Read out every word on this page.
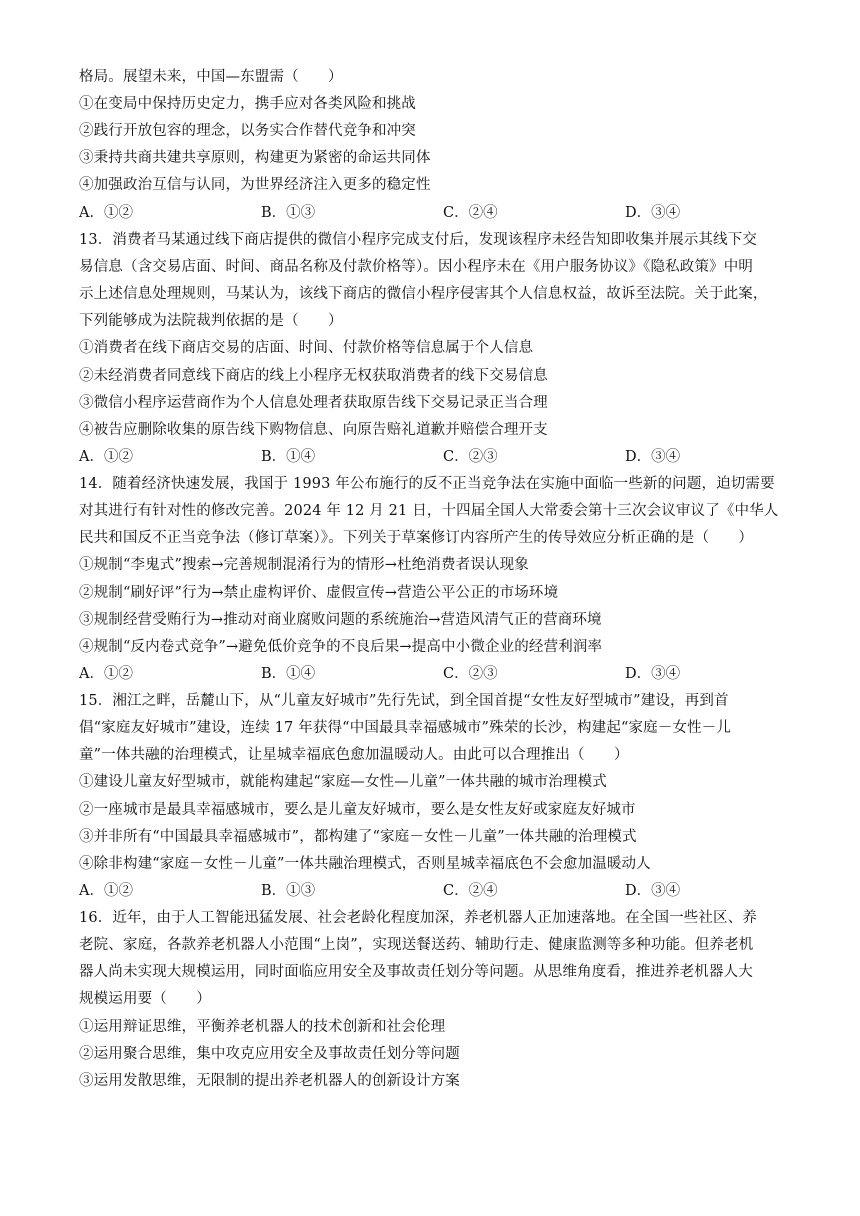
格局。展望未来，中国—东盟需（　　）
①在变局中保持历史定力，携手应对各类风险和挑战
②践行开放包容的理念，以务实合作替代竞争和冲突
③秉持共商共建共享原则，构建更为紧密的命运共同体
④加强政治互信与认同，为世界经济注入更多的稳定性
A．①②	B．①③	C．②④	D．③④
13．消费者马某通过线下商店提供的微信小程序完成支付后，发现该程序未经告知即收集并展示其线下交
易信息（含交易店面、时间、商品名称及付款价格等）。因小程序未在《用户服务协议》《隐私政策》中明
示上述信息处理规则，马某认为，该线下商店的微信小程序侵害其个人信息权益，故诉至法院。关于此案，
下列能够成为法院裁判依据的是（　　）
①消费者在线下商店交易的店面、时间、付款价格等信息属于个人信息
②未经消费者同意线下商店的线上小程序无权获取消费者的线下交易信息
③微信小程序运营商作为个人信息处理者获取原告线下交易记录正当合理
④被告应删除收集的原告线下购物信息、向原告赔礼道歉并赔偿合理开支
A．①②	B．①④	C．②③	D．③④
14．随着经济快速发展，我国于 1993 年公布施行的反不正当竞争法在实施中面临一些新的问题，迫切需要
对其进行有针对性的修改完善。2024 年 12 月 21 日，十四届全国人大常委会第十三次会议审议了《中华人
民共和国反不正当竞争法（修订草案）》。下列关于草案修订内容所产生的传导效应分析正确的是（　　）
①规制“李鬼式”搜索→完善规制混淆行为的情形→杜绝消费者误认现象
②规制“刷好评”行为→禁止虚构评价、虚假宣传→营造公平公正的市场环境
③规制经营受贿行为→推动对商业腐败问题的系统施治→营造风清气正的营商环境
④规制“反内卷式竞争”→避免低价竞争的不良后果→提高中小微企业的经营利润率
A．①②	B．①④	C．②③	D．③④
15．湘江之畔，岳麓山下，从“儿童友好城市”先行先试，到全国首提“女性友好型城市”建设，再到首
倡“家庭友好城市”建设，连续 17 年获得“中国最具幸福感城市”殊荣的长沙，构建起“家庭－女性－儿
童”一体共融的治理模式，让星城幸福底色愈加温暖动人。由此可以合理推出（　　）
①建设儿童友好型城市，就能构建起“家庭—女性—儿童”一体共融的城市治理模式
②一座城市是最具幸福感城市，要么是儿童友好城市，要么是女性友好或家庭友好城市
③并非所有“中国最具幸福感城市”，都构建了“家庭－女性－儿童”一体共融的治理模式
④除非构建“家庭－女性－儿童”一体共融治理模式，否则星城幸福底色不会愈加温暖动人
A．①②	B．①③	C．②④	D．③④
16．近年，由于人工智能迅猛发展、社会老龄化程度加深，养老机器人正加速落地。在全国一些社区、养
老院、家庭，各款养老机器人小范围“上岗”，实现送餐送药、辅助行走、健康监测等多种功能。但养老机
器人尚未实现大规模运用，同时面临应用安全及事故责任划分等问题。从思维角度看，推进养老机器人大
规模运用要（　　）
①运用辩证思维，平衡养老机器人的技术创新和社会伦理
②运用聚合思维，集中攻克应用安全及事故责任划分等问题
③运用发散思维，无限制的提出养老机器人的创新设计方案
